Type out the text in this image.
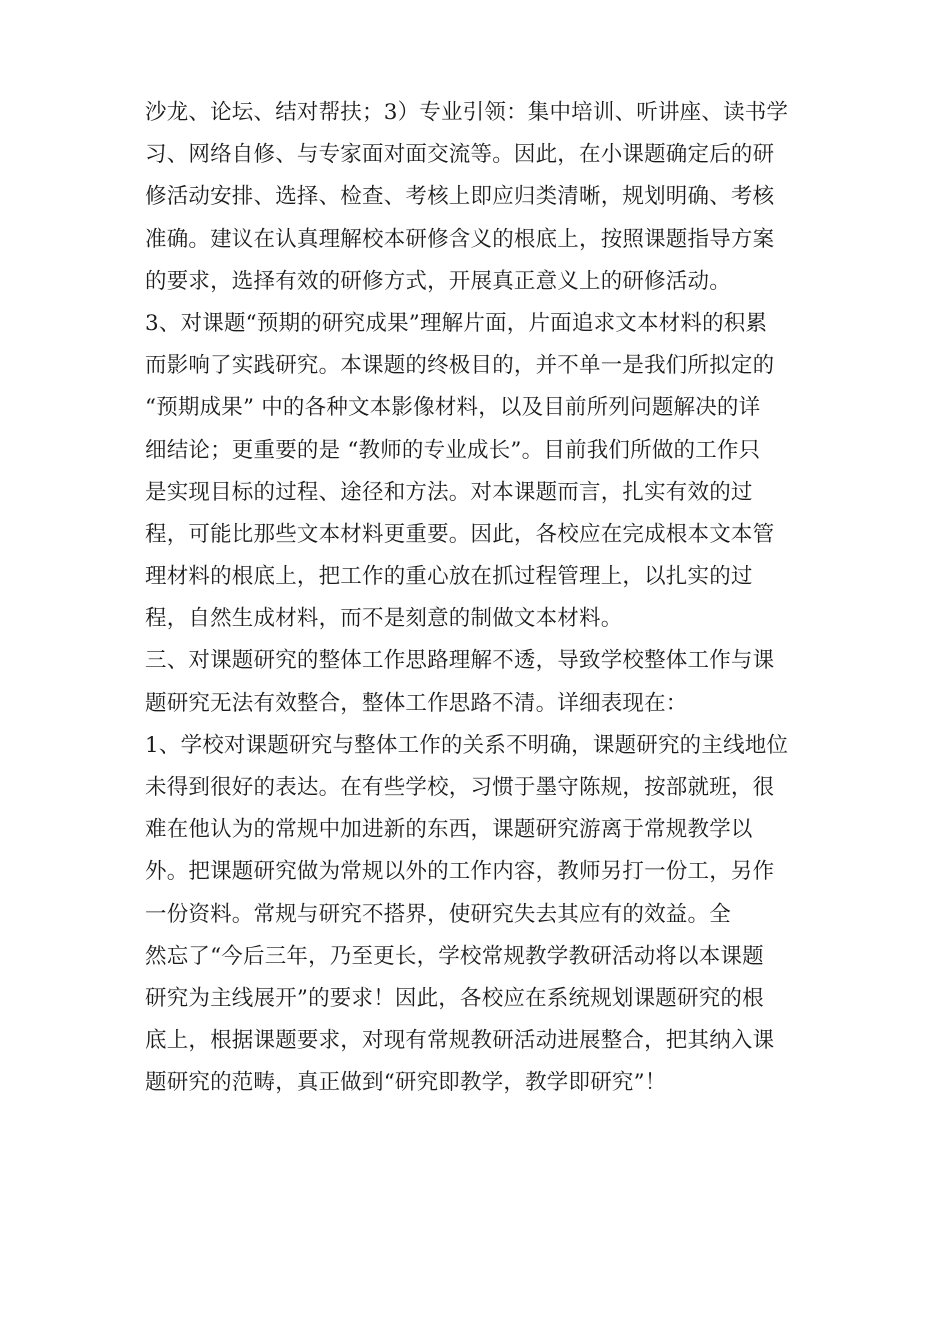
沙龙、论坛、结对帮扶；3）专业引领：集中培训、听讲座、读书学
习、网络自修、与专家面对面交流等。因此，在小课题确定后的研
修活动安排、选择、检查、考核上即应归类清晰，规划明确、考核
准确。建议在认真理解校本研修含义的根底上，按照课题指导方案
的要求，选择有效的研修方式，开展真正意义上的研修活动。
3、对课题“预期的研究成果”理解片面，片面追求文本材料的积累
而影响了实践研究。本课题的终极目的，并不单一是我们所拟定的
“预期成果” 中的各种文本影像材料，以及目前所列问题解决的详
细结论；更重要的是 “教师的专业成长”。目前我们所做的工作只
是实现目标的过程、途径和方法。对本课题而言，扎实有效的过
程，可能比那些文本材料更重要。因此，各校应在完成根本文本管
理材料的根底上，把工作的重心放在抓过程管理上，以扎实的过
程，自然生成材料，而不是刻意的制做文本材料。
三、对课题研究的整体工作思路理解不透，导致学校整体工作与课
题研究无法有效整合，整体工作思路不清。详细表现在：
1、学校对课题研究与整体工作的关系不明确，课题研究的主线地位
未得到很好的表达。在有些学校，习惯于墨守陈规，按部就班，很
难在他认为的常规中加进新的东西，课题研究游离于常规教学以
外。把课题研究做为常规以外的工作内容，教师另打一份工，另作
一份资料。常规与研究不搭界，使研究失去其应有的效益。全
然忘了“今后三年，乃至更长，学校常规教学教研活动将以本课题
研究为主线展开”的要求！因此，各校应在系统规划课题研究的根
底上，根据课题要求，对现有常规教研活动进展整合，把其纳入课
题研究的范畴，真正做到“研究即教学，教学即研究”！
